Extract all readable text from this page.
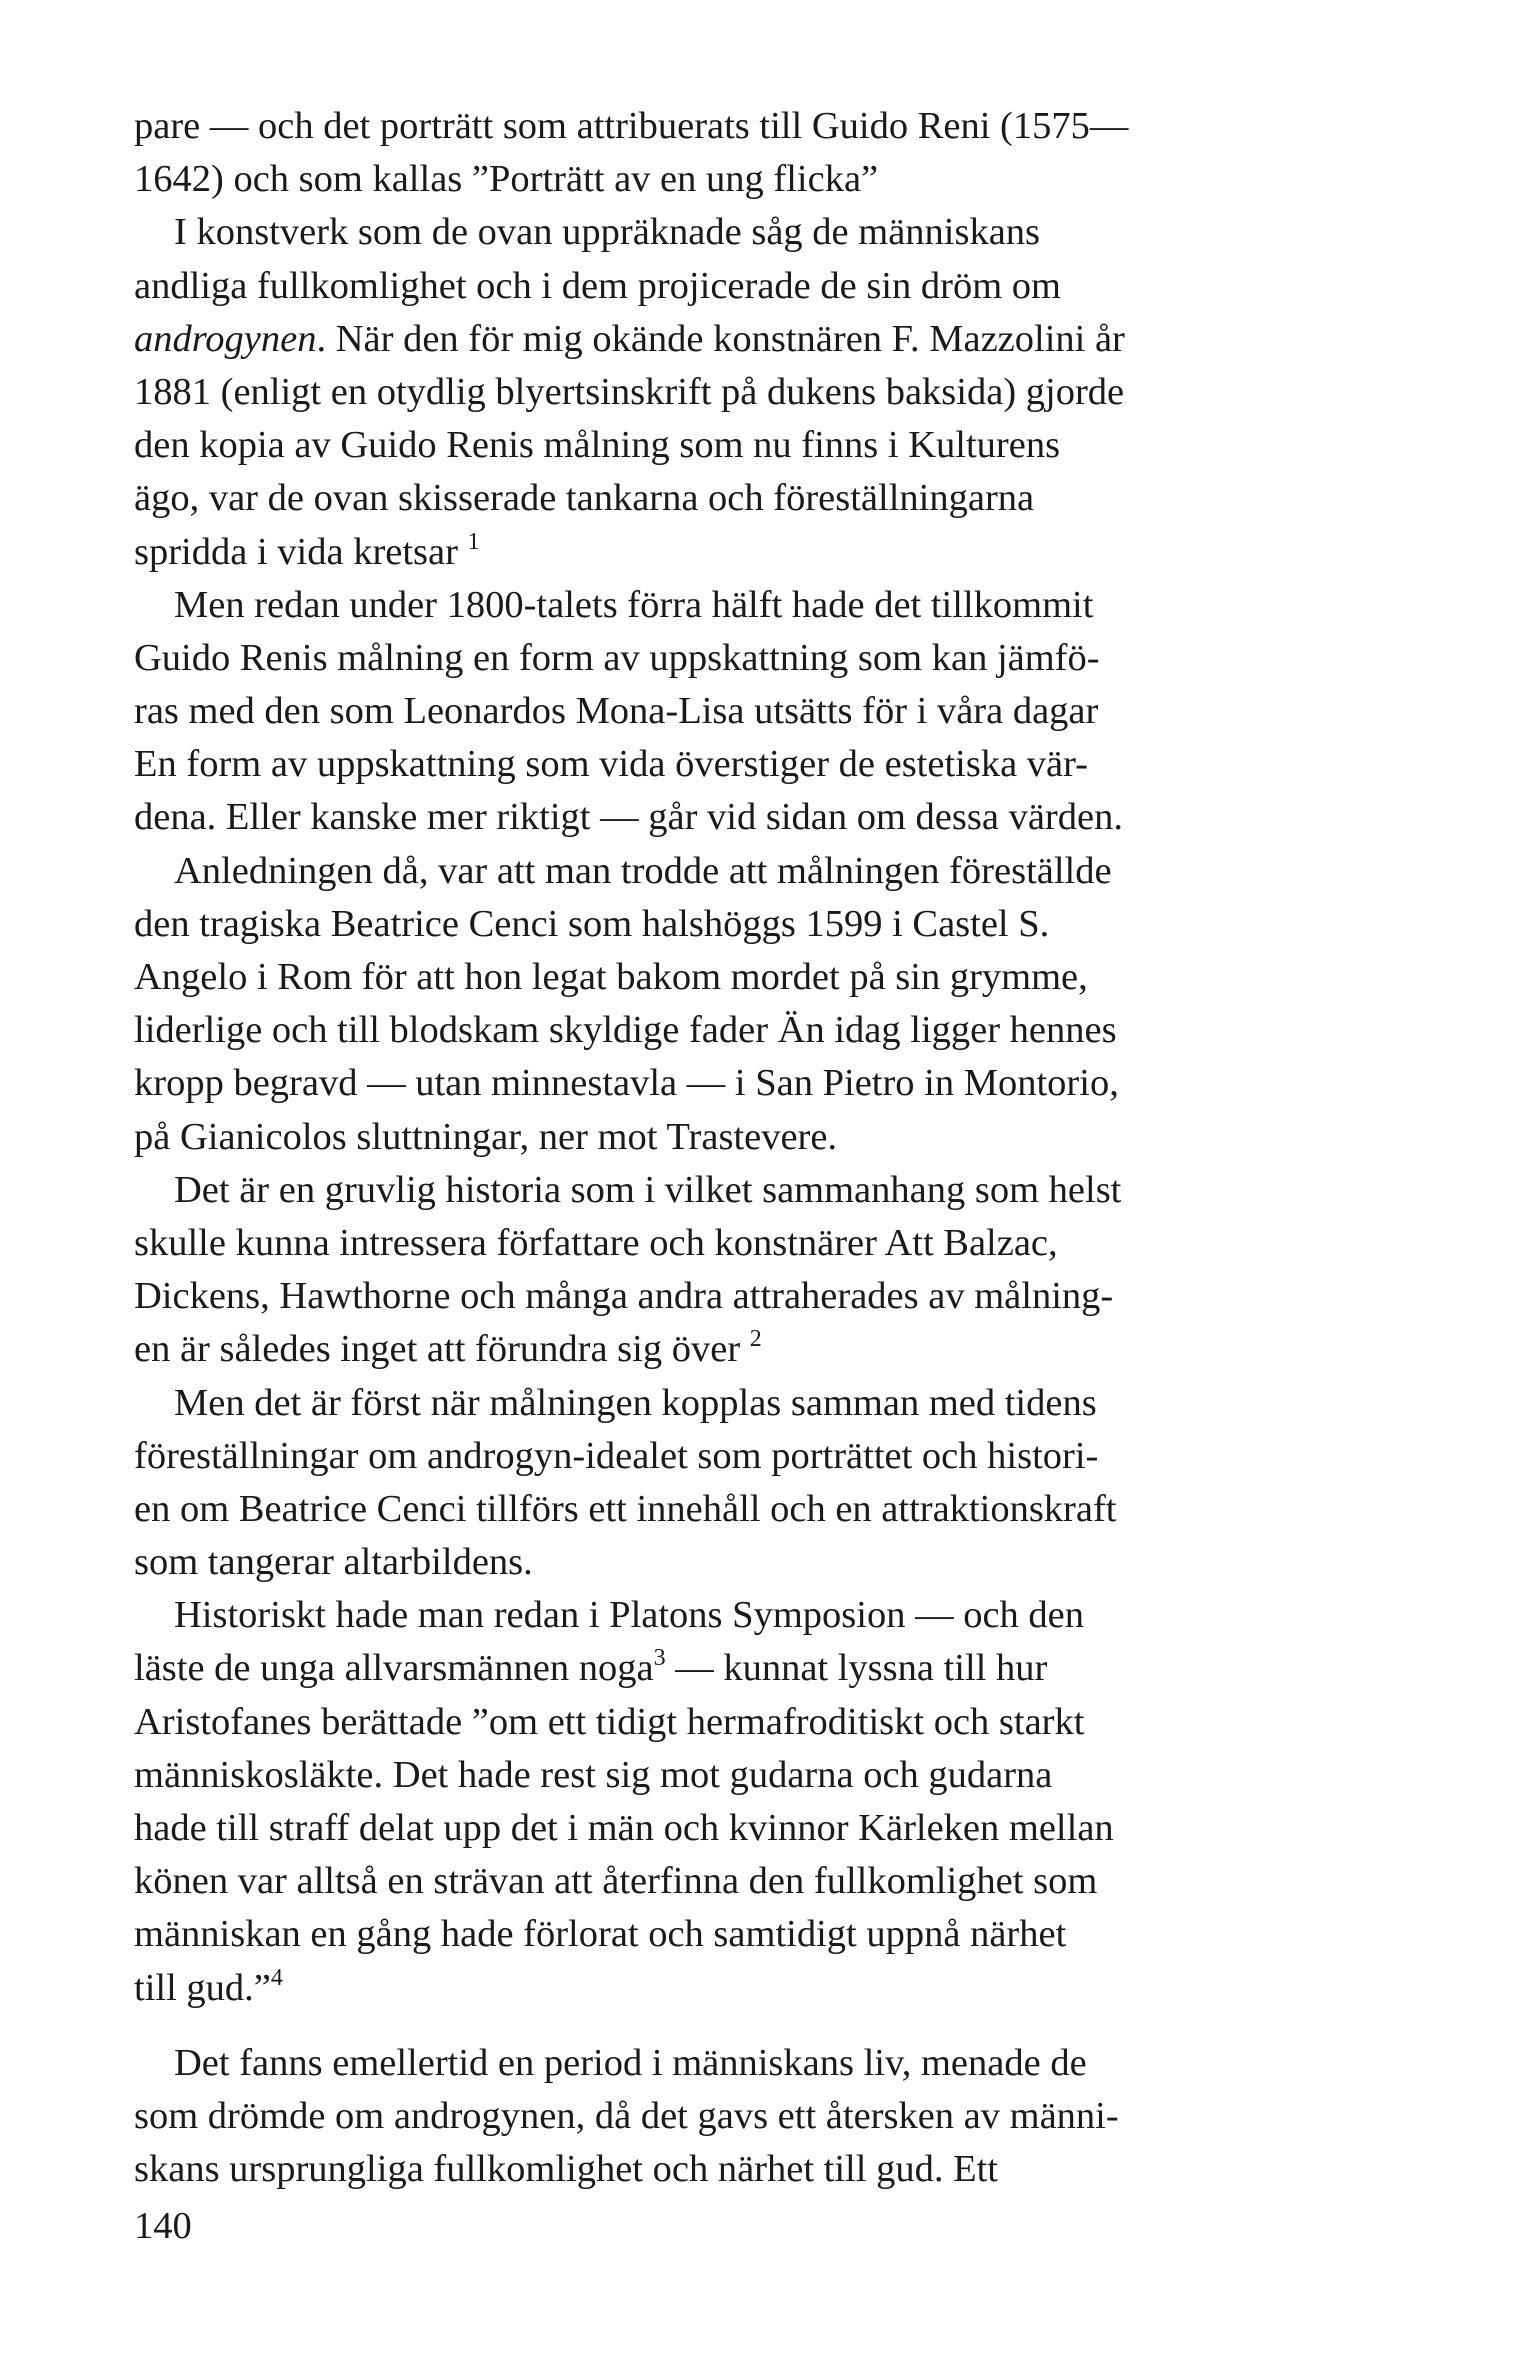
pare — och det porträtt som attribuerats till Guido Reni (1575—
1642) och som kallas ”Porträtt av en ung flicka”
I konstverk som de ovan uppräknade såg de människans
andliga fullkomlighet och i dem projicerade de sin dröm om
androgynen. När den för mig okände konstnären F. Mazzolini år
1881 (enligt en otydlig blyertsinskrift på dukens baksida) gjorde
den kopia av Guido Renis målning som nu finns i Kulturens
ägo, var de ovan skisserade tankarna och föreställningarna
spridda i vida kretsar $^1$
Men redan under 1800-talets förra hälft hade det tillkommit
Guido Renis målning en form av uppskattning som kan jämfö-
ras med den som Leonardos Mona-Lisa utsätts för i våra dagar
En form av uppskattning som vida överstiger de estetiska vär-
dena. Eller kanske mer riktigt — går vid sidan om dessa värden.
Anledningen då, var att man trodde att målningen föreställde
den tragiska Beatrice Cenci som halshöggs 1599 i Castel S.
Angelo i Rom för att hon legat bakom mordet på sin grymme,
liderlige och till blodskam skyldige fader Än idag ligger hennes
kropp begravd — utan minnestavla — i San Pietro in Montorio,
på Gianicolos sluttningar, ner mot Trastevere.
Det är en gruvlig historia som i vilket sammanhang som helst
skulle kunna intressera författare och konstnärer Att Balzac,
Dickens, Hawthorne och många andra attraherades av målning-
en är således inget att förundra sig över $^2$
Men det är först när målningen kopplas samman med tidens
föreställningar om androgyn-idealet som porträttet och histori-
en om Beatrice Cenci tillförs ett innehåll och en attraktionskraft
som tangerar altarbildens.
Historiskt hade man redan i Platons Symposion — och den
läste de unga allvarsmännen noga$^3$ — kunnat lyssna till hur
Aristofanes berättade ”om ett tidigt hermafroditiskt och starkt
människosläkte. Det hade rest sig mot gudarna och gudarna
hade till straff delat upp det i män och kvinnor Kärleken mellan
könen var alltså en strävan att återfinna den fullkomlighet som
människan en gång hade förlorat och samtidigt uppnå närhet
till gud.”$^4$
Det fanns emellertid en period i människans liv, menade de
som drömde om androgynen, då det gavs ett återsken av männi-
skans ursprungliga fullkomlighet och närhet till gud. Ett
140
